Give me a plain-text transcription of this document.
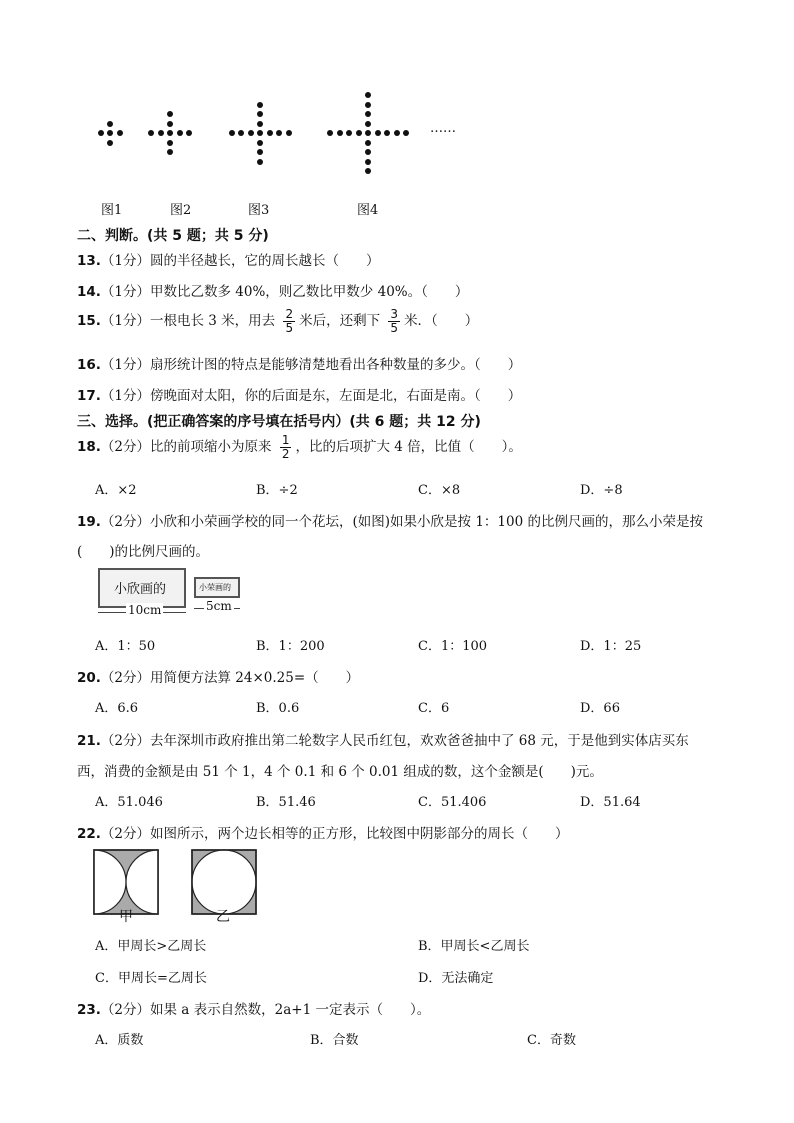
……
图1	图2	图3	图4
二、判断。(共 5 题；共 5 分)
13.（1分）圆的半径越长，它的周长越长（　　）
14.（1分）甲数比乙数多 40%，则乙数比甲数少 40%。（　　）
15.（1分）一根电长 3 米，用去 $\frac{2}{5}$ 米后，还剩下 $\frac{3}{5}$ 米．（　　）
16.（1分）扇形统计图的特点是能够清楚地看出各种数量的多少。（　　）
17.（1分）傍晚面对太阳，你的后面是东，左面是北，右面是南。（　　）
三、选择。(把正确答案的序号填在括号内）(共 6 题；共 12 分)
18.（2分）比的前项缩小为原来 $\frac{1}{2}$ ，比的后项扩大 4 倍，比值（　　）。
A．×2	B．÷2	C．×8	D．÷8
19.（2分）小欣和小荣画学校的同一个花坛，(如图)如果小欣是按 1：100 的比例尺画的，那么小荣是按
(　　)的比例尺画的。
小欣画的
10cm
小荣画的
5cm
A．1：50	B．1：200	C．1：100	D．1：25
20.（2分）用简便方法算 24×0.25=（　　）
A．6.6	B．0.6	C．6	D．66
21.（2分）去年深圳市政府推出第二轮数字人民币红包，欢欢爸爸抽中了 68 元，于是他到实体店买东
西，消费的金额是由 51 个 1，4 个 0.1 和 6 个 0.01 组成的数，这个金额是(　　)元。
A．51.046	B．51.46	C．51.406	D．51.64
22.（2分）如图所示，两个边长相等的正方形，比较图中阴影部分的周长（　　）
甲	乙
A．甲周长>乙周长	B．甲周长<乙周长
C．甲周长=乙周长	D．无法确定
23.（2分）如果 a 表示自然数，2a+1 一定表示（　　）。
A．质数	B．合数	C．奇数
